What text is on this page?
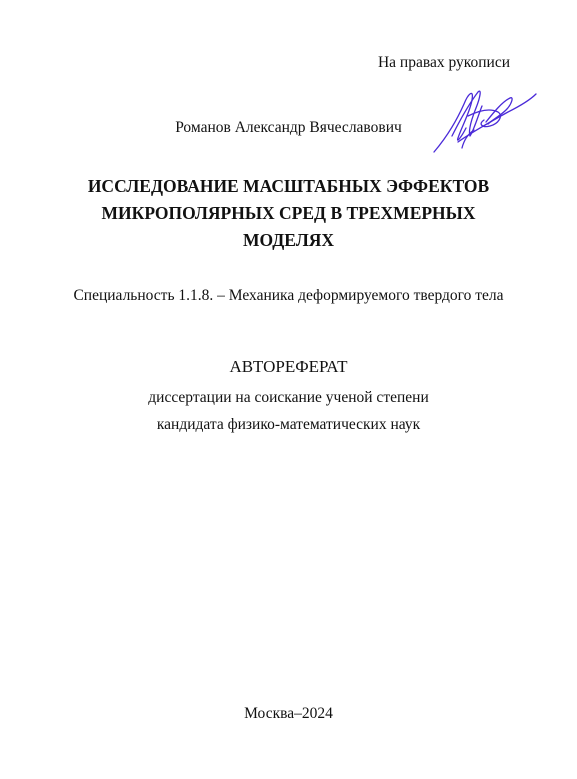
На правах рукописи
Романов Александр Вячеславович
ИССЛЕДОВАНИЕ МАСШТАБНЫХ ЭФФЕКТОВ
МИКРОПОЛЯРНЫХ СРЕД В ТРЕХМЕРНЫХ
МОДЕЛЯХ
Специальность 1.1.8. – Механика деформируемого твердого тела
АВТОРЕФЕРАТ
диссертации на соискание ученой степени
кандидата физико-математических наук
Москва–2024
